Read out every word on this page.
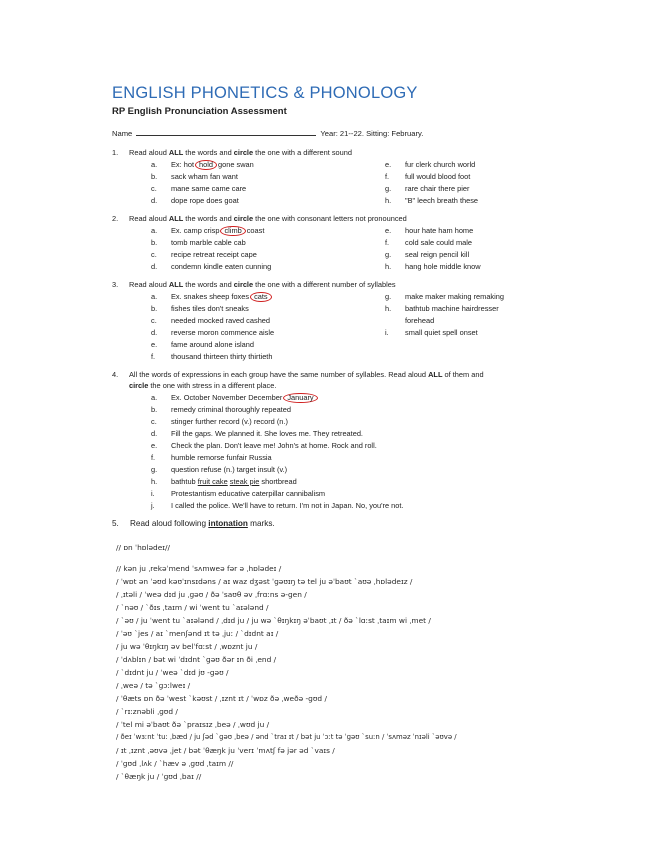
ENGLISH PHONETICS & PHONOLOGY
RP English Pronunciation Assessment
Name	Year: 21--22. Sitting: February.
1. Read aloud ALL the words and circle the one with a different sound
a. Ex: hot hold gone swan
b. sack wham fan want
c. mane same came care
d. dope rope does goat
e. fur clerk church world
f. full would blood foot
g. rare chair there pier
h. "B" leech breath these
2. Read aloud ALL the words and circle the one with consonant letters not pronounced
a. Ex. camp crisp climb coast
b. tomb marble cable cab
c. recipe retreat receipt cape
d. condemn kindle eaten cunning
e. hour hate ham home
f. cold sale could male
g. seal reign pencil kill
h. hang hole middle know
3. Read aloud ALL the words and circle the one with a different number of syllables
a. Ex. snakes sheep foxes cats
b. fishes tiles don't sneaks
c. needed mocked raved cashed
d. reverse moron commence aisle
e. fame around alone island
f. thousand thirteen thirty thirtieth
g. make maker making remaking
h. bathtub machine hairdresser
forehead
i. small quiet spell onset
4. All the words of expressions in each group have the same number of syllables. Read aloud ALL of them and
circle the one with stress in a different place.
a. Ex. October November December January
b. remedy criminal thoroughly repeated
c. stinger further record (v.) record (n.)
d. Fill the gaps. We planned it. She loves me. They retreated.
e. Check the plan. Don't leave me! John's at home. Rock and roll.
f. humble remorse funfair Russia
g. question refuse (n.) target insult (v.)
h. bathtub fruit cake steak pie shortbread
i. Protestantism educative caterpillar cannibalism
j. I called the police. We'll have to return. I'm not in Japan. No, you're not.
5. Read aloud following intonation marks.
// ɒn ˈhɒlədeɪ//
// kən ju ˌrekəˈmend ˈsʌmweə fər ə ˌhɒlədeɪ /
/ ˈwɒt ən ˈəʊd kəʊˈɪnsɪdəns / aɪ waz dʒəst ˈɡəʊɪŋ tə tel ju əˈbaʊt ˋaʊə ˌhɒlədeɪz /
/ ˌɪtəli / ˈweə dɪd ju ˌɡəʊ / ðə ˈsaʊθ əv ˌfrɑːns ə-ɡen /
/ ˋnəʊ / ˋðɪs ˌtaɪm / wi ˈwent tu ˋaɪələnd /
/ ˋəʊ / ju ˈwent tu ˋaɪələnd / ˌdɪd ju / ju wə ˋθɪŋkɪŋ əˈbaʊt ˌɪt / ðə ˋlɑːst ˌtaɪm wi ˌmet /
/ ˈəʊ ˋjes / aɪ ˋmenʃənd ɪt tə ˌjuː / ˋdɪdnt aɪ /
/ ju wə ˈθɪŋkɪŋ əv belˈfɑːst / ˌwɒznt ju /
/ ˈdʌblɪn / bət wi ˈdɪdnt ˋɡəʊ ðər ɪn ði ˌend /
/ ˋdɪdnt ju / ˈweə ˋdɪd jʊ -ɡəʊ /
/ ˌweə / tə ˋɡɔːlweɪ /
/ ˈθæts ɒn ðə ˈwest ˋkəʊst / ˌɪznt ɪt / ˈwɒz ðə ˌweðə -ɡʊd /
/ ˋrɪːznəbli ˌɡʊd /
/ ˈtel mi əˈbaʊt ðə ˋpraɪsɪz ˌbeə / ˌwʊd ju /
/ ðeɪ ˈwɜːnt ˈtuː ˌbæd / ju ʃəd ˋɡəʊ ˌbeə / ənd ˋtraɪ ɪt / bət ju ˈɔːt tə ˈɡəʊ ˋsuːn / ˈsʌməz ˈnɪəli ˋəʊvə /
/ ɪt ˌɪznt ˌəʊvə ˌjet / bət ˈθæŋk ju ˈverɪ ˈmʌtʃ fə jər əd ˋvaɪs /
/ ˈɡʊd ˌlʌk / ˋhæv ə ˌɡʊd ˌtaɪm //
/ ˋθæŋk ju / ˈɡʊd ˌbaɪ //
